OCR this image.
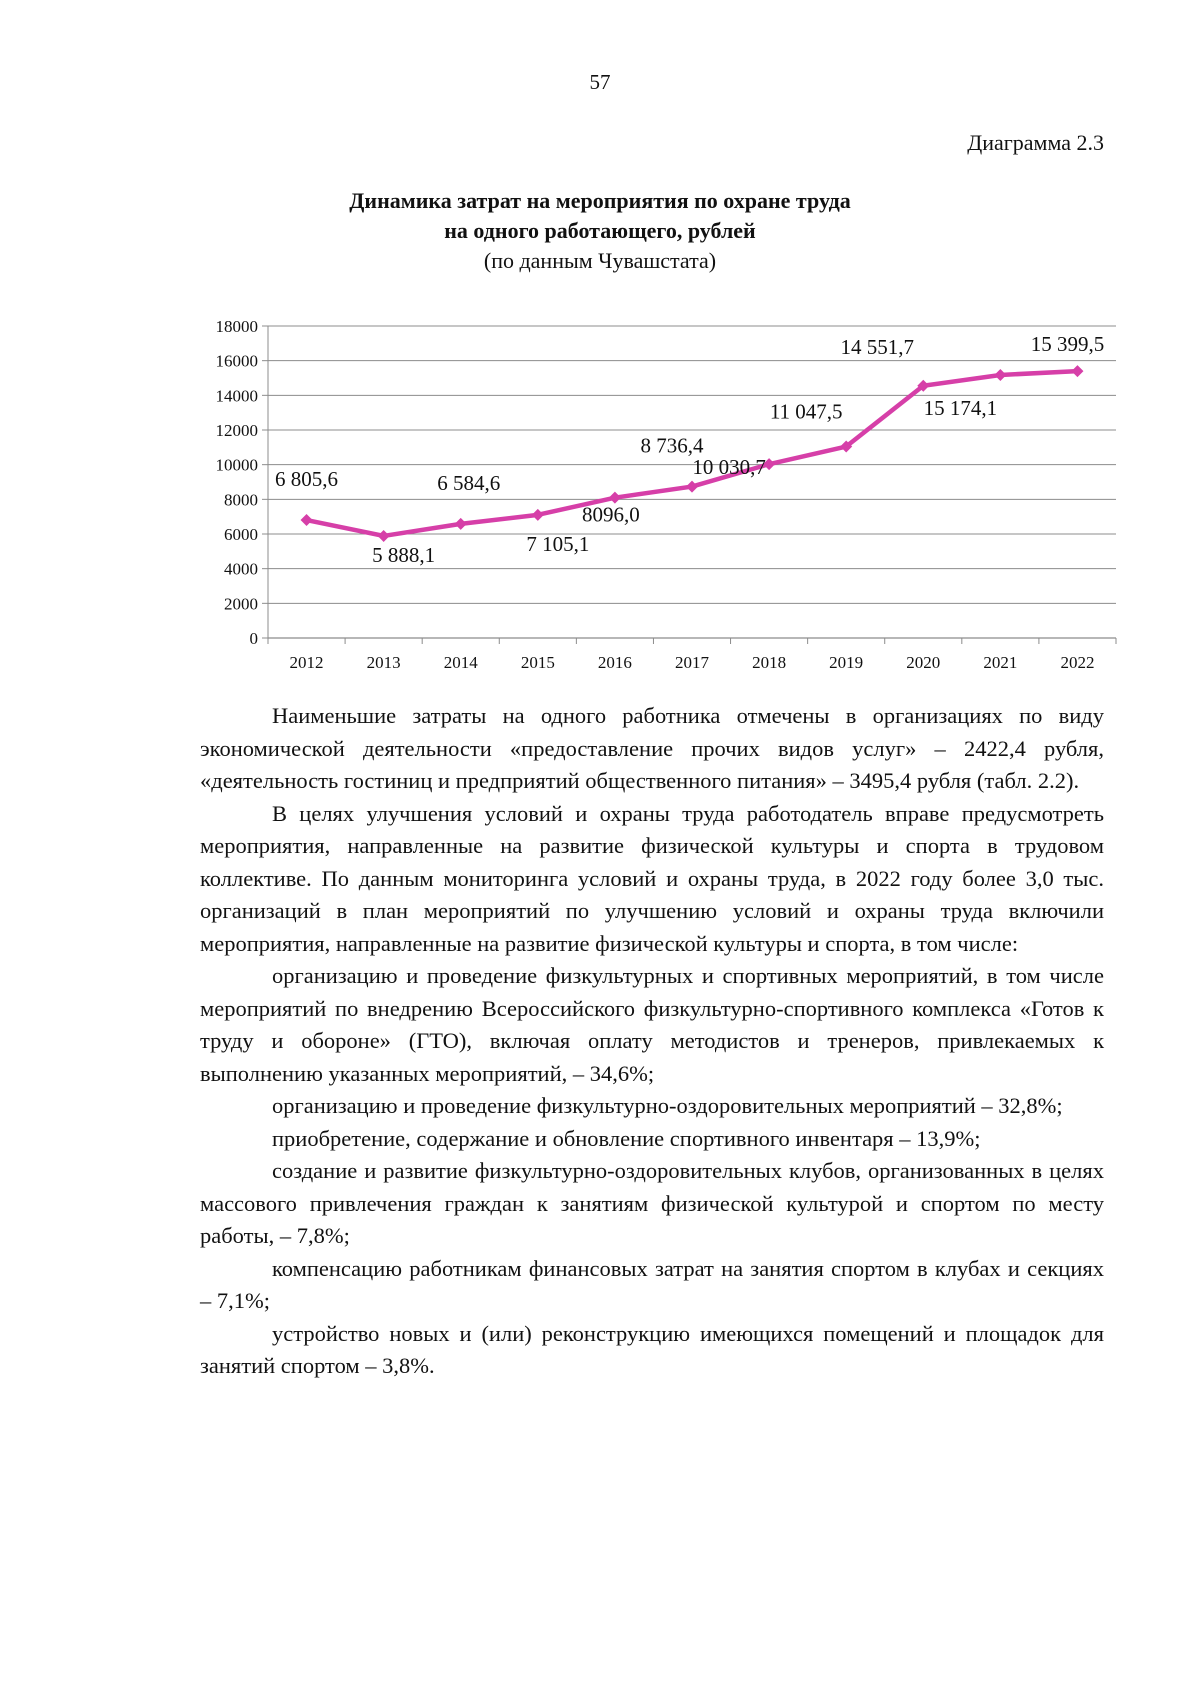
57
Диаграмма 2.3
Динамика затрат на мероприятия по охране труда
на одного работающего, рублей
(по данным Чувашстата)
0
2000
4000
6000
8000
10000
12000
14000
16000
18000
2012	2013	2014	2015	2016	2017	2018	2019	2020	2021	2022
6 805,6
5 888,1
6 584,6
7 105,1
8096,0
8 736,4
10 030,7
11 047,5
14 551,7
15 174,1
15 399,5

Наименьшие затраты на одного работника отмечены в организациях по виду экономической деятельности «предоставление прочих видов услуг» – 2422,4 рубля, «деятельность гостиниц и предприятий общественного питания» – 3495,4 рубля (табл. 2.2).

В целях улучшения условий и охраны труда работодатель вправе предусмотреть мероприятия, направленные на развитие физической культуры и спорта в трудовом коллективе. По данным мониторинга условий и охраны труда, в 2022 году более 3,0 тыс. организаций в план мероприятий по улучшению условий и охраны труда включили мероприятия, направленные на развитие физической культуры и спорта, в том числе:

организацию и проведение физкультурных и спортивных мероприятий, в том числе мероприятий по внедрению Всероссийского физкультурно-спортивного комплекса «Готов к труду и обороне» (ГТО), включая оплату методистов и тренеров, привлекаемых к выполнению указанных мероприятий, – 34,6%;

организацию и проведение физкультурно-оздоровительных мероприятий – 32,8%;

приобретение, содержание и обновление спортивного инвентаря – 13,9%;

создание и развитие физкультурно-оздоровительных клубов, организованных в целях массового привлечения граждан к занятиям физической культурой и спортом по месту работы, – 7,8%;

компенсацию работникам финансовых затрат на занятия спортом в клубах и секциях – 7,1%;

устройство новых и (или) реконструкцию имеющихся помещений и площадок для занятий спортом – 3,8%.
